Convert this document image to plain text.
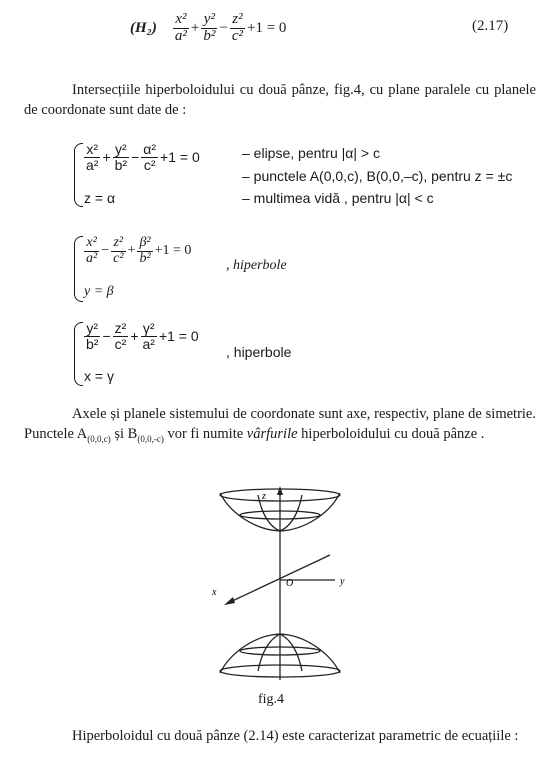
$(H_2) \frac{\text{x²}}{\text{a²}} + \frac{\text{y²}}{\text{b²}} - \frac{\text{z²}}{\text{c²}} +1 = 0$	(2.17)
Intersecțiile hiperboloidului cu două pânze, fig.4, cu plane paralele cu planele de coordonate sunt date de :
$\frac{\text{x²}}{\text{a²}} + \frac{\text{y²}}{\text{b²}} - \frac{\text{α²}}{\text{c²}} +1 = 0$
z = α
– elipse, pentru |α| > c
– punctele A(0,0,c), B(0,0,–c), pentru z = ±c
– multimea vidă , pentru |α| < c
$\frac{\text{x²}}{\text{a²}} - \frac{\text{z²}}{\text{c²}} + \frac{\text{β²}}{\text{b²}} +1 = 0$
y = β
, hiperbole
$\frac{\text{y²}}{\text{b²}} - \frac{\text{z²}}{\text{c²}} + \frac{\text{γ²}}{\text{a²}} +1 = 0$
x = γ
, hiperbole
Axele și planele sistemului de coordonate sunt axe, respectiv, plane de simetrie. Punctele $A_{(0,0,c)}$ și $B_{(0,0,-c)}$ vor fi numite vârfurile hiperboloidului cu două pânze .
z
x
y
O
fig.4
Hiperboloidul cu două pânze (2.14) este caracterizat parametric de ecuațiile :
